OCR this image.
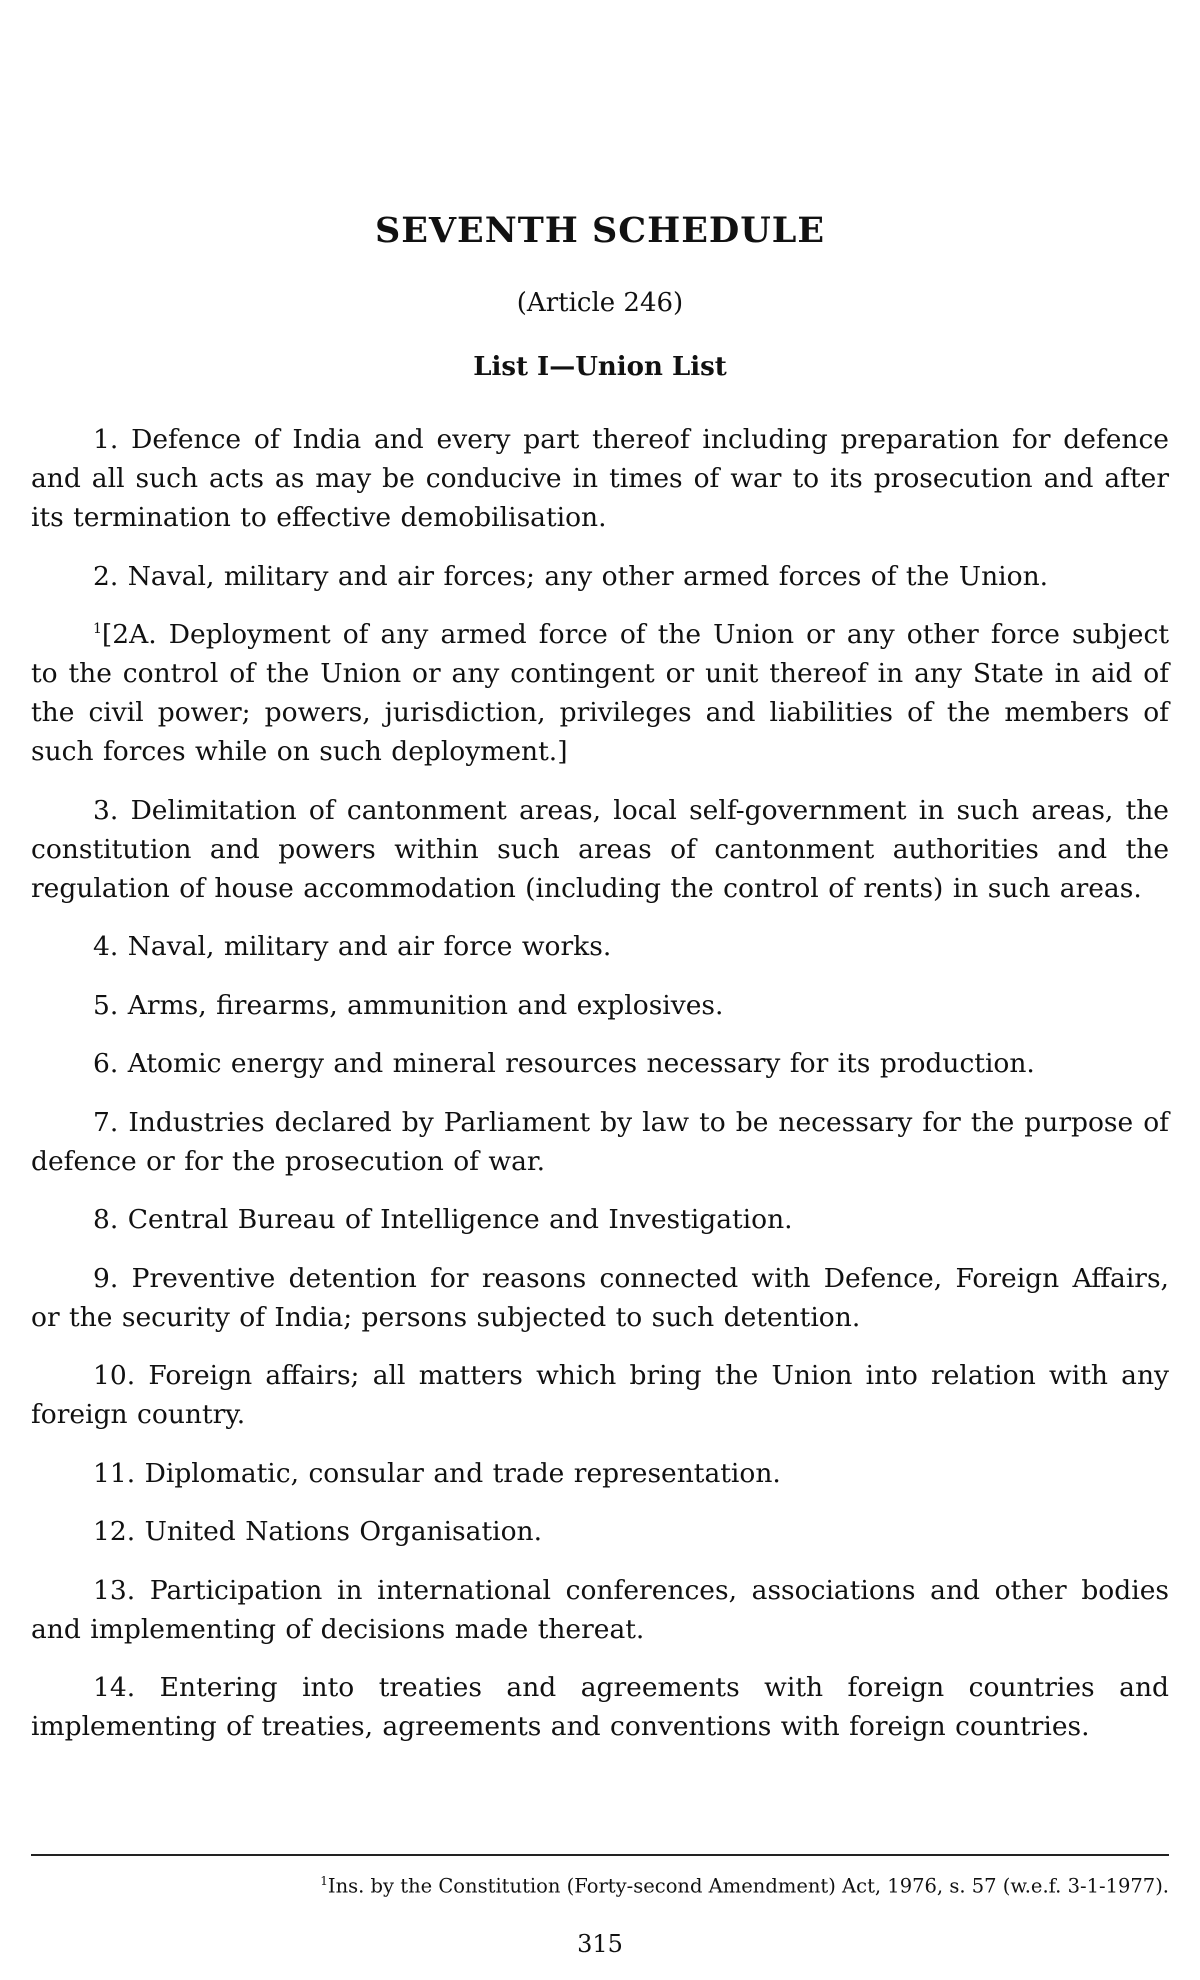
SEVENTH SCHEDULE

(Article 246)

List I—Union List

1. Defence of India and every part thereof including preparation for defence and all such acts as may be conducive in times of war to its prosecution and after its termination to effective demobilisation.

2. Naval, military and air forces; any other armed forces of the Union.

$^1$[2A. Deployment of any armed force of the Union or any other force subject to the control of the Union or any contingent or unit thereof in any State in aid of the civil power; powers, jurisdiction, privileges and liabilities of the members of such forces while on such deployment.]

3. Delimitation of cantonment areas, local self-government in such areas, the constitution and powers within such areas of cantonment authorities and the regulation of house accommodation (including the control of rents) in such areas.

4. Naval, military and air force works.

5. Arms, firearms, ammunition and explosives.

6. Atomic energy and mineral resources necessary for its production.

7. Industries declared by Parliament by law to be necessary for the purpose of defence or for the prosecution of war.

8. Central Bureau of Intelligence and Investigation.

9. Preventive detention for reasons connected with Defence, Foreign Affairs, or the security of India; persons subjected to such detention.

10. Foreign affairs; all matters which bring the Union into relation with any foreign country.

11. Diplomatic, consular and trade representation.

12. United Nations Organisation.

13. Participation in international conferences, associations and other bodies and implementing of decisions made thereat.

14. Entering into treaties and agreements with foreign countries and implementing of treaties, agreements and conventions with foreign countries.

$^1$Ins. by the Constitution (Forty-second Amendment) Act, 1976, s. 57 (w.e.f. 3-1-1977).

315
